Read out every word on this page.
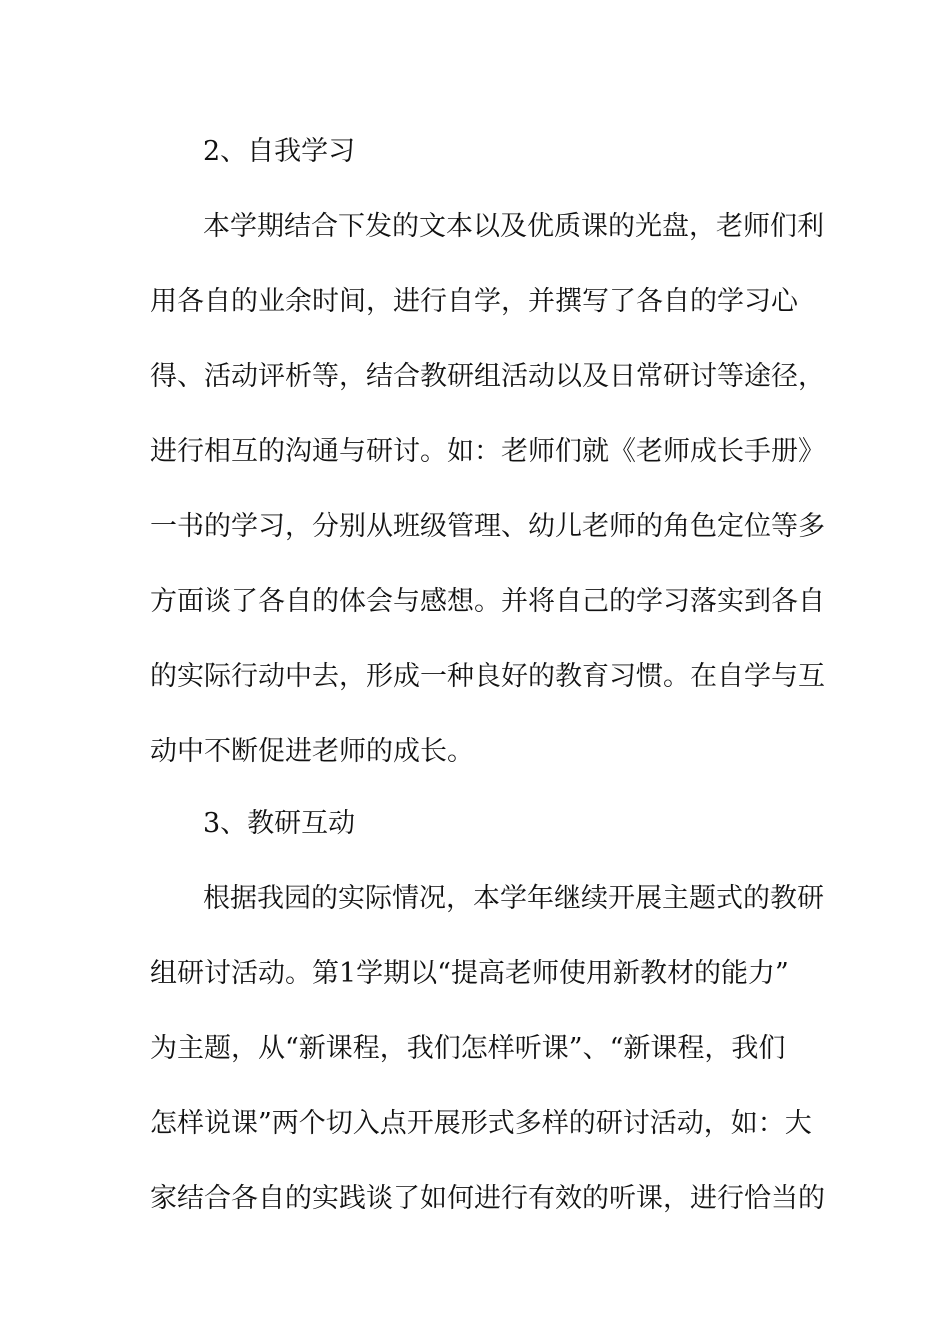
2、自我学习
本学期结合下发的文本以及优质课的光盘，老师们利
用各自的业余时间，进行自学，并撰写了各自的学习心
得、活动评析等，结合教研组活动以及日常研讨等途径，
进行相互的沟通与研讨。如：老师们就《老师成长手册》
一书的学习，分别从班级管理、幼儿老师的角色定位等多
方面谈了各自的体会与感想。并将自己的学习落实到各自
的实际行动中去，形成一种良好的教育习惯。在自学与互
动中不断促进老师的成长。
3、教研互动
根据我园的实际情况，本学年继续开展主题式的教研
组研讨活动。第1学期以“提高老师使用新教材的能力”
为主题，从“新课程，我们怎样听课”、“新课程，我们
怎样说课”两个切入点开展形式多样的研讨活动，如：大
家结合各自的实践谈了如何进行有效的听课，进行恰当的
